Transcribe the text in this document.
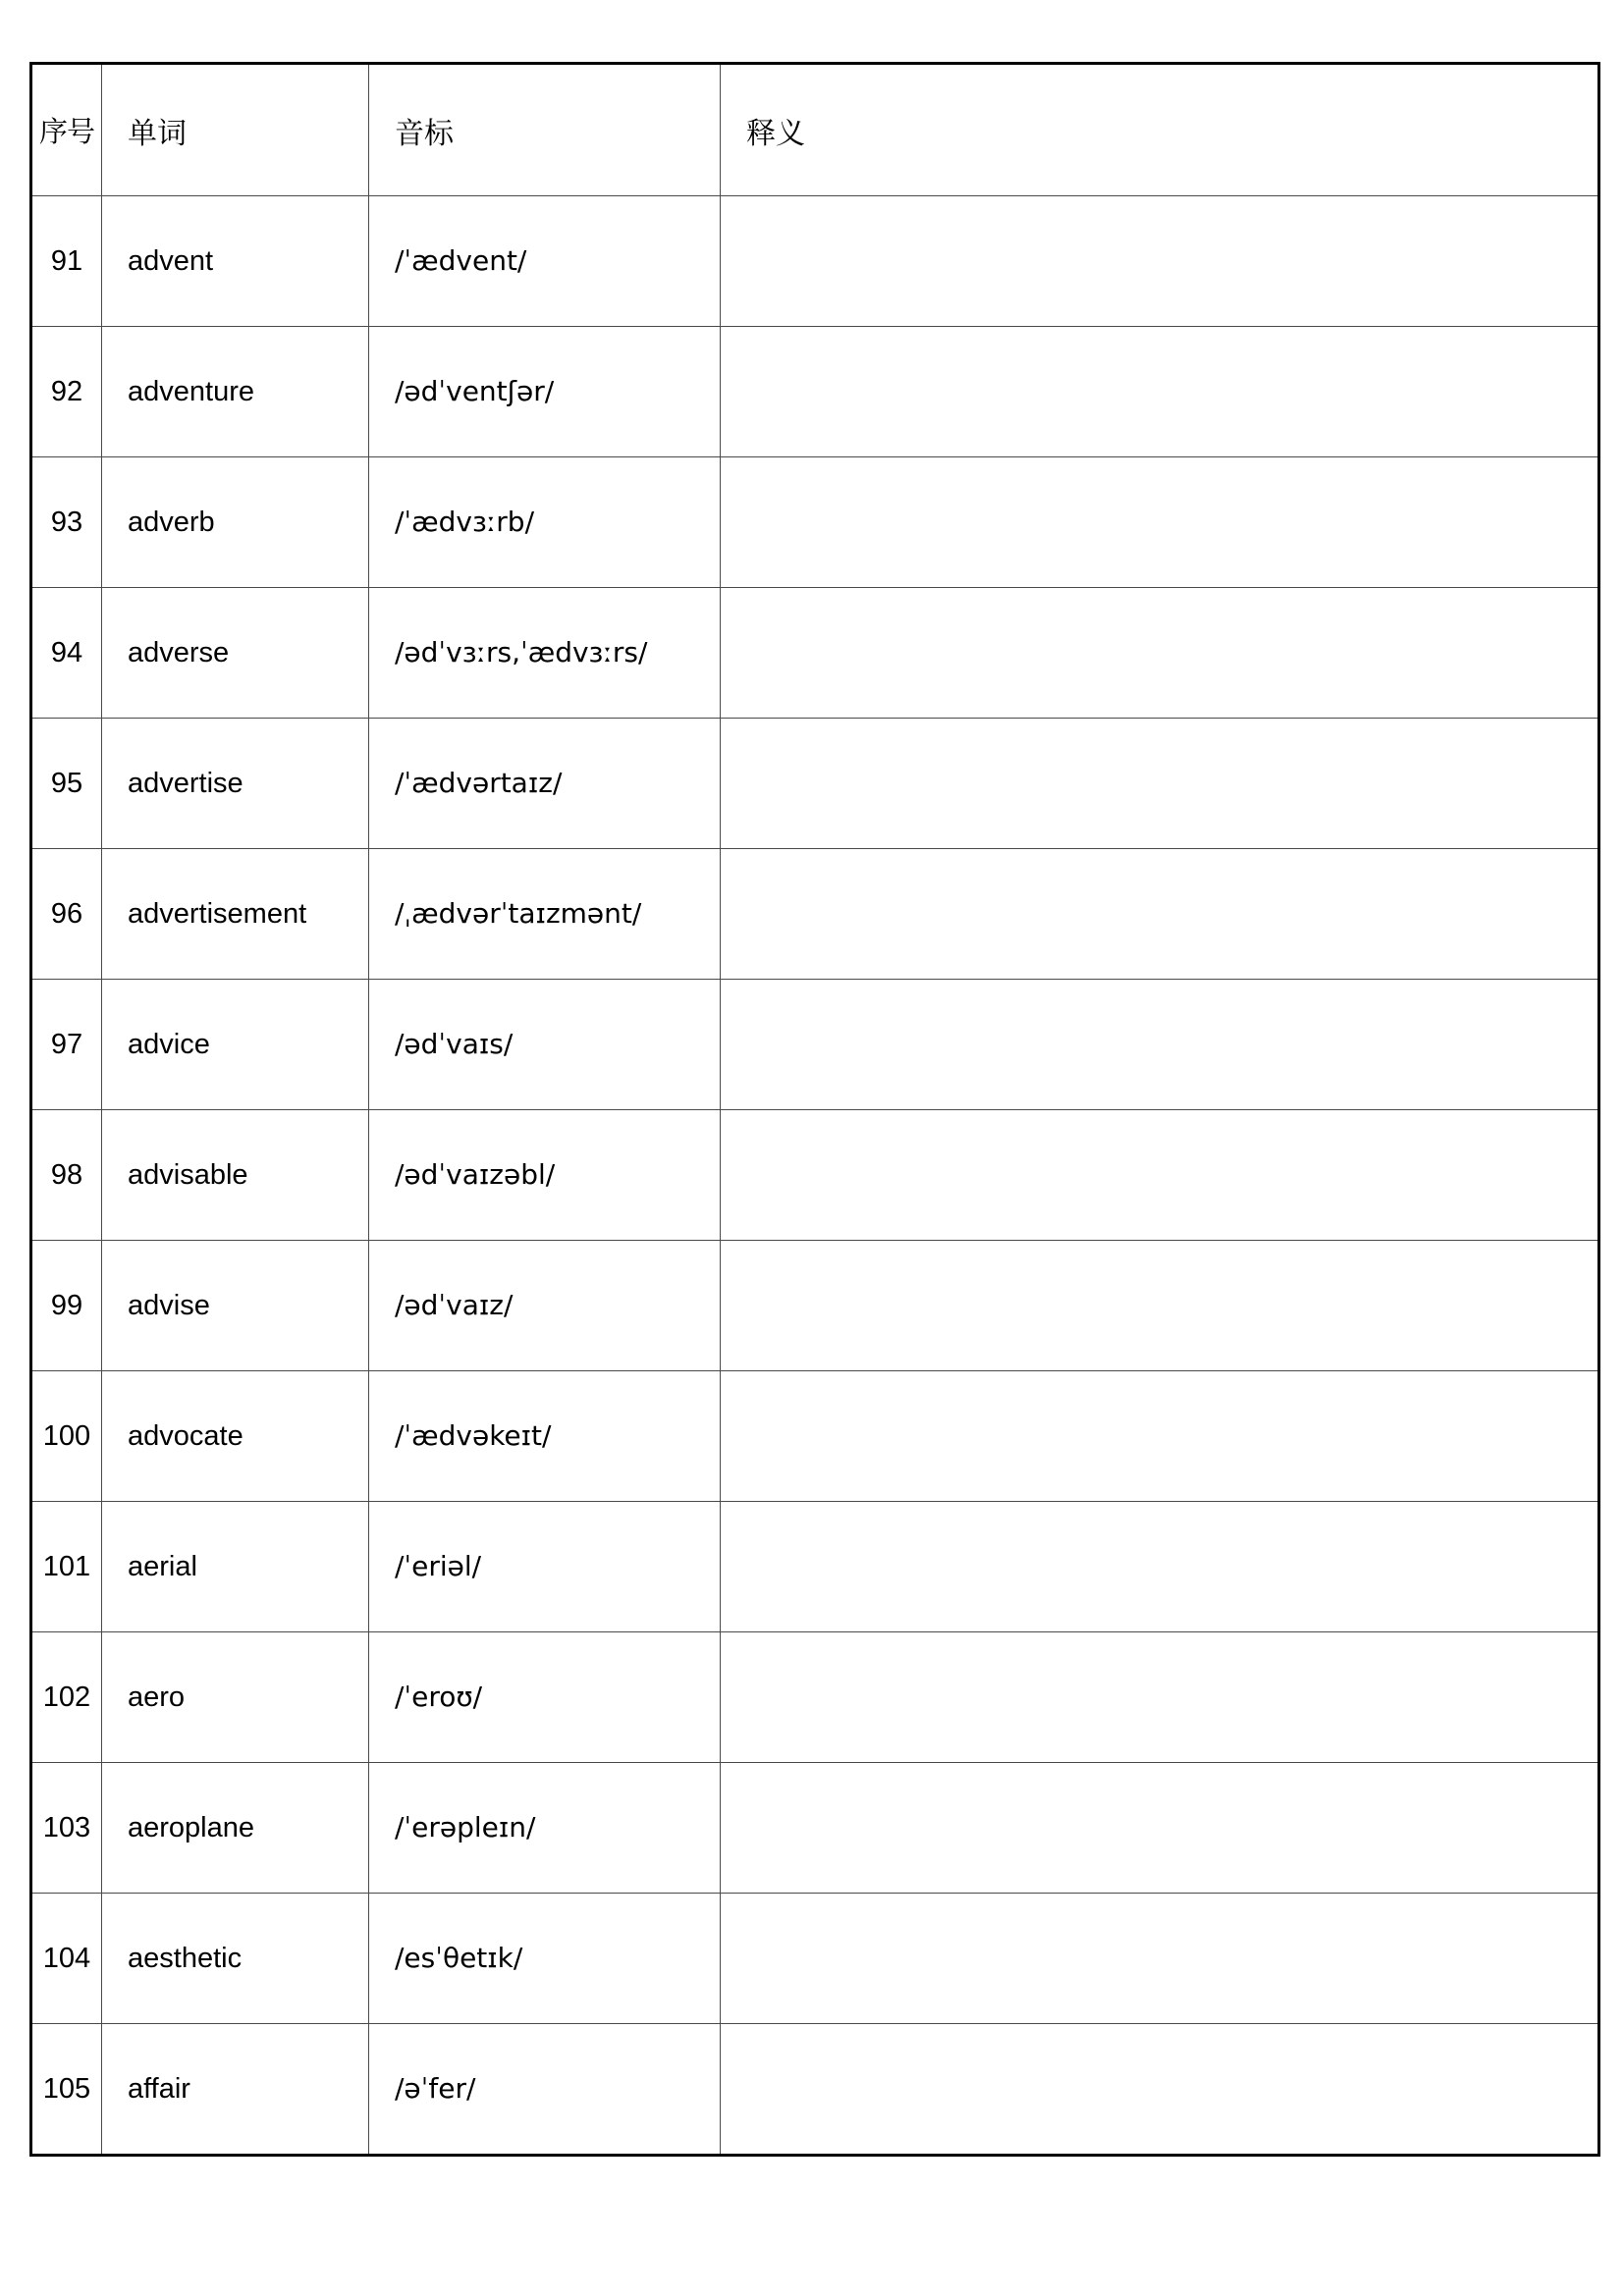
序号	单词	音标	释义
91	advent	/ˈædvent/	
92	adventure	/ədˈventʃər/	
93	adverb	/ˈædvɜːrb/	
94	adverse	/ədˈvɜːrs,ˈædvɜːrs/	
95	advertise	/ˈædvərtaɪz/	
96	advertisement	/ˌædvərˈtaɪzmənt/	
97	advice	/ədˈvaɪs/	
98	advisable	/ədˈvaɪzəbl/	
99	advise	/ədˈvaɪz/	
100	advocate	/ˈædvəkeɪt/	
101	aerial	/ˈeriəl/	
102	aero	/ˈeroʊ/	
103	aeroplane	/ˈerəpleɪn/	
104	aesthetic	/esˈθetɪk/	
105	affair	/əˈfer/	
